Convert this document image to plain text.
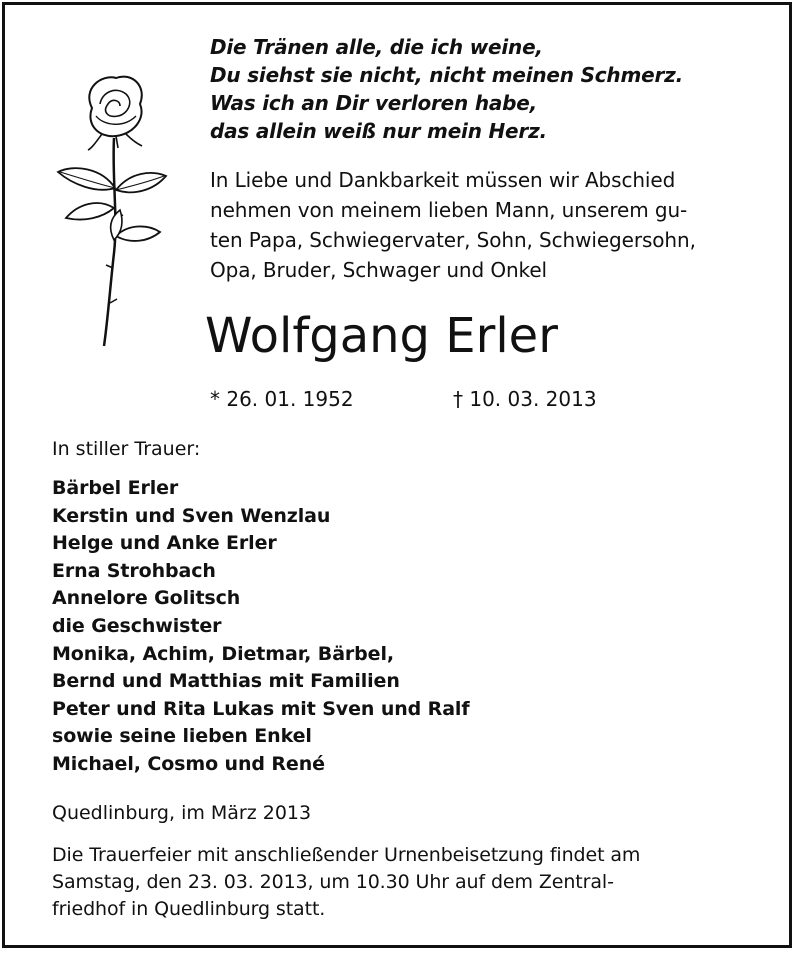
Die Tränen alle, die ich weine,
Du siehst sie nicht, nicht meinen Schmerz.
Was ich an Dir verloren habe,
das allein weiß nur mein Herz.
In Liebe und Dankbarkeit müssen wir Abschied
nehmen von meinem lieben Mann, unserem gu-
ten Papa, Schwiegervater, Sohn, Schwiegersohn,
Opa, Bruder, Schwager und Onkel
Wolfgang Erler
* 26. 01. 1952	† 10. 03. 2013
In stiller Trauer:
Bärbel Erler
Kerstin und Sven Wenzlau
Helge und Anke Erler
Erna Strohbach
Annelore Golitsch
die Geschwister
Monika, Achim, Dietmar, Bärbel,
Bernd und Matthias mit Familien
Peter und Rita Lukas mit Sven und Ralf
sowie seine lieben Enkel
Michael, Cosmo und René
Quedlinburg, im März 2013
Die Trauerfeier mit anschließender Urnenbeisetzung findet am
Samstag, den 23. 03. 2013, um 10.30 Uhr auf dem Zentral-
friedhof in Quedlinburg statt.
